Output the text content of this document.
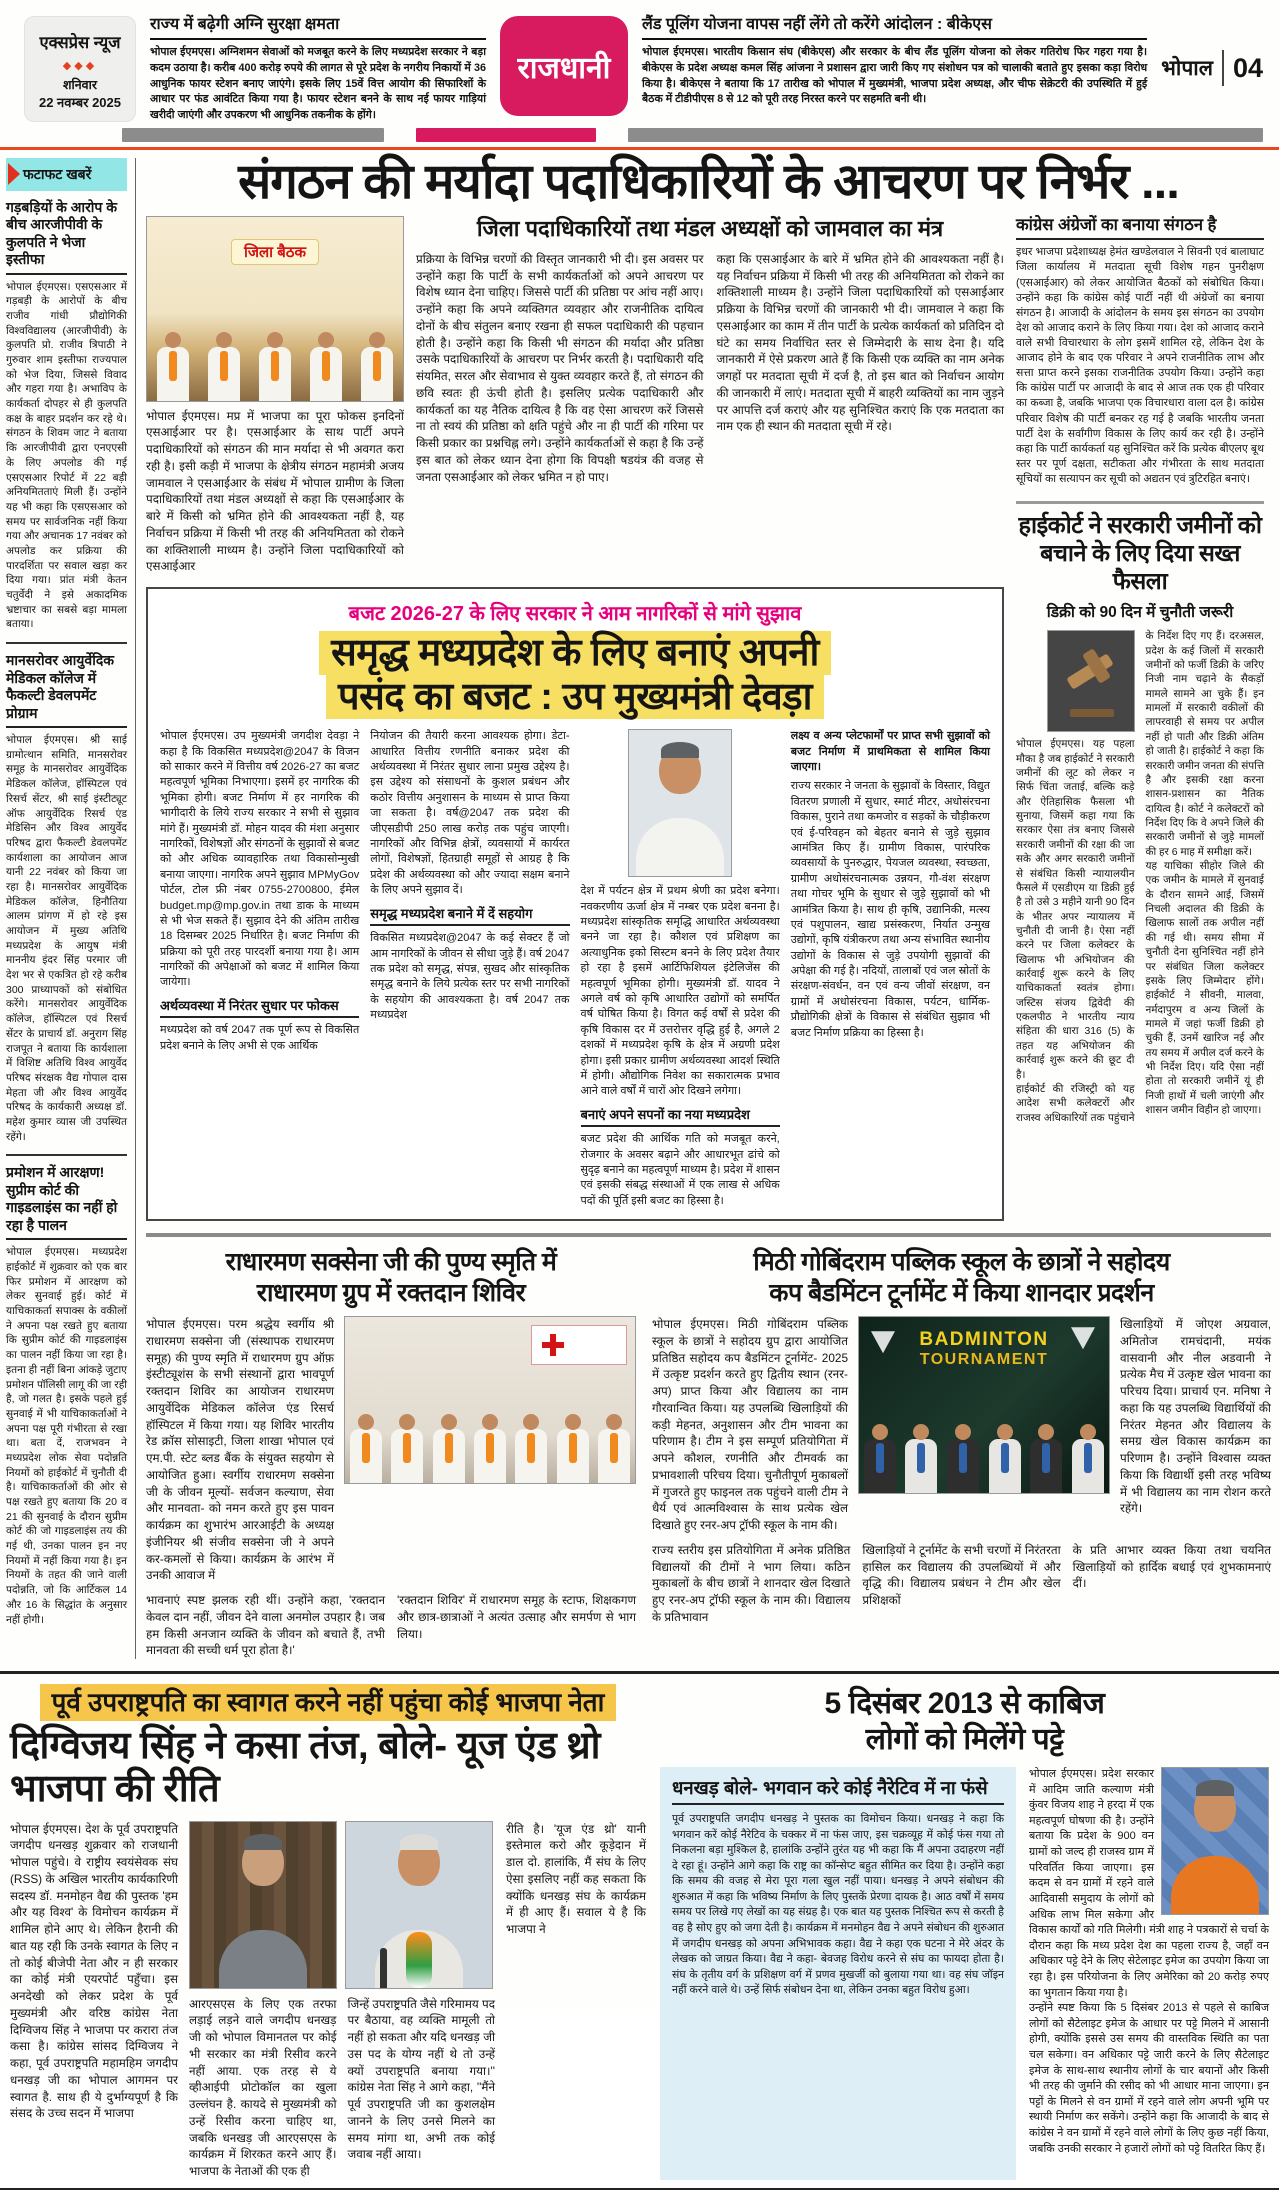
एक्सप्रेस न्यूज
◆◆◆
शनिवार
22 नवम्बर 2025
राज्य में बढ़ेगी अग्नि सुरक्षा क्षमता

भोपाल ईएमएस। अग्निशमन सेवाओं को मजबूत करने के लिए मध्यप्रदेश सरकार ने बड़ा कदम उठाया है। करीब 400 करोड़ रुपये की लागत से पूरे प्रदेश के नगरीय निकायों में 36 आधुनिक फायर स्टेशन बनाए जाएंगे। इसके लिए 15वें वित्त आयोग की सिफारिशों के आधार पर फंड आवंटित किया गया है। फायर स्टेशन बनने के साथ नई फायर गाड़ियां खरीदी जाएंगी और उपकरण भी आधुनिक तकनीक के होंगे।

राजधानी
लैंड पूलिंग योजना वापस नहीं लेंगे तो करेंगे आंदोलन : बीकेएस

भोपाल ईएमएस। भारतीय किसान संघ (बीकेएस) और सरकार के बीच लैंड पूलिंग योजना को लेकर गतिरोध फिर गहरा गया है। बीकेएस के प्रदेश अध्यक्ष कमल सिंह आंजना ने प्रशासन द्वारा जारी किए गए संशोधन पत्र को चालाकी बताते हुए इसका कड़ा विरोध किया है। बीकेएस ने बताया कि 17 तारीख को भोपाल में मुख्यमंत्री, भाजपा प्रदेश अध्यक्ष, और चीफ सेक्रेटरी की उपस्थिति में हुई बैठक में टीडीपीएस 8 से 12 को पूरी तरह निरस्त करने पर सहमति बनी थी।

भोपाल 04
फटाफट खबरें
गड़बड़ियों के आरोप के बीच आरजीपीवी के कुलपति ने भेजा इस्तीफा

भोपाल ईएमएस। एसएसआर में गड़बड़ी के आरोपों के बीच राजीव गांधी प्रौद्योगिकी विश्वविद्यालय (आरजीपीवी) के कुलपति प्रो. राजीव त्रिपाठी ने गुरुवार शाम इस्तीफा राज्यपाल को भेज दिया, जिससे विवाद और गहरा गया है। अभाविप के कार्यकर्ता दोपहर से ही कुलपति कक्ष के बाहर प्रदर्शन कर रहे थे। संगठन के शिवम जाट ने बताया कि आरजीपीवी द्वारा एनएएसी के लिए अपलोड की गई एसएसआर रिपोर्ट में 22 बड़ी अनियमितताएं मिली हैं। उन्होंने यह भी कहा कि एसएसआर को समय पर सार्वजनिक नहीं किया गया और अचानक 17 नवंबर को अपलोड कर प्रक्रिया की पारदर्शिता पर सवाल खड़ा कर दिया गया। प्रांत मंत्री केतन चतुर्वेदी ने इसे अकादमिक भ्रष्टाचार का सबसे बड़ा मामला बताया।

मानसरोवर आयुर्वेदिक मेडिकल कॉलेज में फैकल्टी डेवलपमेंट प्रोग्राम

भोपाल ईएमएस। श्री साई ग्रामोत्थान समिति, मानसरोवर समूह के मानसरोवर आयुर्वेदिक मेडिकल कॉलेज, हॉस्पिटल एवं रिसर्च सेंटर, श्री साई इंस्टीट्यूट ऑफ आयुर्वेदिक रिसर्च एंड मेडिसिन और विश्व आयुर्वेद परिषद द्वारा फैकल्टी डेवलपमेंट कार्यशाला का आयोजन आज यानी 22 नवंबर को किया जा रहा है। मानसरोवर आयुर्वेदिक मेडिकल कॉलेज, हिनौतिया आलम प्रांगण में हो रहे इस आयोजन में मुख्य अतिथि मध्यप्रदेश के आयुष मंत्री माननीय इंदर सिंह परमार जी देश भर से एकत्रित हो रहे करीब 300 प्राध्यापकों को संबोधित करेंगे। मानसरोवर आयुर्वेदिक कॉलेज, हॉस्पिटल एवं रिसर्च सेंटर के प्राचार्य डॉ. अनुराग सिंह राजपूत ने बताया कि कार्यशाला में विशिष्ट अतिथि विश्व आयुर्वेद परिषद संरक्षक वैद्य गोपाल दास मेहता जी और विश्व आयुर्वेद परिषद के कार्यकारी अध्यक्ष डॉ. महेश कुमार व्यास जी उपस्थित रहेंगे।

प्रमोशन में आरक्षण! सुप्रीम कोर्ट की गाइडलाइंस का नहीं हो रहा है पालन

भोपाल ईएमएस। मध्यप्रदेश हाईकोर्ट में शुक्रवार को एक बार फिर प्रमोशन में आरक्षण को लेकर सुनवाई हुई। कोर्ट में याचिकाकर्ता सपाक्स के वकीलों ने अपना पक्ष रखते हुए बताया कि सुप्रीम कोर्ट की गाइडलाइंस का पालन नहीं किया जा रहा है। इतना ही नहीं बिना आंकड़े जुटाए प्रमोशन पॉलिसी लागू की जा रही है, जो गलत है। इसके पहले हुई सुनवाई में भी याचिकाकर्ताओं ने अपना पक्ष पूरी गंभीरता से रखा था। बता दें, राजभवन ने मध्यप्रदेश लोक सेवा पदोन्नति नियमों को हाईकोर्ट में चुनौती दी है। याचिकाकर्ताओं की ओर से पक्ष रखते हुए बताया कि 20 व 21 की सुनवाई के दौरान सुप्रीम कोर्ट की जो गाइडलाइंस तय की गई थी, उनका पालन इन नए नियमों में नहीं किया गया है। इन नियमों के तहत की जाने वाली पदोन्नति, जो कि आर्टिकल 14 और 16 के सिद्धांत के अनुसार नहीं होगी।

संगठन की मर्यादा पदाधिकारियों के आचरण पर निर्भर ...
जिला बैठक

भोपाल ईएमएस। मप्र में भाजपा का पूरा फोकस इनदिनों एसआईआर पर है। एसआईआर के साथ पार्टी अपने पदाधिकारियों को संगठन की मान मर्यादा से भी अवगत करा रही है। इसी कड़ी में भाजपा के क्षेत्रीय संगठन महामंत्री अजय जामवाल ने एसआईआर के संबंध में भोपाल ग्रामीण के जिला पदाधिकारियों तथा मंडल अध्यक्षों से कहा कि एसआईआर के बारे में किसी को भ्रमित होने की आवश्यकता नहीं है, यह निर्वाचन प्रक्रिया में किसी भी तरह की अनियमितता को रोकने का शक्तिशाली माध्यम है। उन्होंने जिला पदाधिकारियों को एसआईआर

जिला पदाधिकारियों तथा मंडल अध्यक्षों को जामवाल का मंत्र

प्रक्रिया के विभिन्न चरणों की विस्तृत जानकारी भी दी। इस अवसर पर उन्होंने कहा कि पार्टी के सभी कार्यकर्ताओं को अपने आचरण पर विशेष ध्यान देना चाहिए। जिससे पार्टी की प्रतिष्ठा पर आंच नहीं आए। उन्होंने कहा कि अपने व्यक्तिगत व्यवहार और राजनीतिक दायित्व दोनों के बीच संतुलन बनाए रखना ही सफल पदाधिकारी की पहचान होती है। उन्होंने कहा कि किसी भी संगठन की मर्यादा और प्रतिष्ठा उसके पदाधिकारियों के आचरण पर निर्भर करती है। पदाधिकारी यदि संयमित, सरल और सेवाभाव से युक्त व्यवहार करते हैं, तो संगठन की छवि स्वतः ही ऊंची होती है। इसलिए प्रत्येक पदाधिकारी और कार्यकर्ता का यह नैतिक दायित्व है कि वह ऐसा आचरण करें जिससे ना तो स्वयं की प्रतिष्ठा को क्षति पहुंचे और ना ही पार्टी की गरिमा पर किसी प्रकार का प्रश्नचिह्न लगे। उन्होंने कार्यकर्ताओं से कहा है कि उन्हें इस बात को लेकर ध्यान देना होगा कि विपक्षी षडयंत्र की वजह से जनता एसआईआर को लेकर भ्रमित न हो पाए।

कहा कि एसआईआर के बारे में भ्रमित होने की आवश्यकता नहीं है। यह निर्वाचन प्रक्रिया में किसी भी तरह की अनियमितता को रोकने का शक्तिशाली माध्यम है। उन्होंने जिला पदाधिकारियों को एसआईआर प्रक्रिया के विभिन्न चरणों की जानकारी भी दी। जामवाल ने कहा कि एसआईआर का काम में तीन पार्टी के प्रत्येक कार्यकर्ता को प्रतिदिन दो घंटे का समय निर्वाचित स्तर से जिम्मेदारी के साथ देना है। यदि जानकारी में ऐसे प्रकरण आते हैं कि किसी एक व्यक्ति का नाम अनेक जगहों पर मतदाता सूची में दर्ज है, तो इस बात को निर्वाचन आयोग की जानकारी में लाएं। मतदाता सूची में बाहरी व्यक्तियों का नाम जुड़ने पर आपत्ति दर्ज कराएं और यह सुनिश्चित कराएं कि एक मतदाता का नाम एक ही स्थान की मतदाता सूची में रहे।

बजट 2026-27 के लिए सरकार ने आम नागरिकों से मांगे सुझाव
समृद्ध मध्यप्रदेश के लिए बनाएं अपनी
पसंद का बजट : उप मुख्यमंत्री देवड़ा

भोपाल ईएमएस। उप मुख्यमंत्री जगदीश देवड़ा ने कहा है कि विकसित मध्यप्रदेश@2047 के विजन को साकार करने में वित्तीय वर्ष 2026-27 का बजट महत्वपूर्ण भूमिका निभाएगा। इसमें हर नागरिक की भूमिका होगी। बजट निर्माण में हर नागरिक की भागीदारी के लिये राज्य सरकार ने सभी से सुझाव मांगे हैं। मुख्यमंत्री डॉ. मोहन यादव की मंशा अनुसार नागरिकों, विशेषज्ञों और संगठनों के सुझावों से बजट को और अधिक व्यावहारिक तथा विकासोन्मुखी बनाया जाएगा। नागरिक अपने सुझाव MPMyGov पोर्टल, टोल फ्री नंबर 0755-2700800, ईमेल budget.mp@mp.gov.in तथा डाक के माध्यम से भी भेज सकते हैं। सुझाव देने की अंतिम तारीख 18 दिसम्बर 2025 निर्धारित है। बजट निर्माण की प्रक्रिया को पूरी तरह पारदर्शी बनाया गया है। आम नागरिकों की अपेक्षाओं को बजट में शामिल किया जायेगा।

अर्थव्यवस्था में निरंतर सुधार पर फोकस

मध्यप्रदेश को वर्ष 2047 तक पूर्ण रूप से विकसित प्रदेश बनाने के लिए अभी से एक आर्थिक

नियोजन की तैयारी करना आवश्यक होगा। डेटा-आधारित वित्तीय रणनीति बनाकर प्रदेश की अर्थव्यवस्था में निरंतर सुधार लाना प्रमुख उद्देश्य है। इस उद्देश्य को संसाधनों के कुशल प्रबंधन और कठोर वित्तीय अनुशासन के माध्यम से प्राप्त किया जा सकता है। वर्ष@2047 तक प्रदेश की जीएसडीपी 250 लाख करोड़ तक पहुंच जाएगी। नागरिकों और विभिन्न क्षेत्रों, व्यवसायों में कार्यरत लोगों, विशेषज्ञों, हितग्राही समूहों से आग्रह है कि प्रदेश की अर्थव्यवस्था को और ज्यादा सक्षम बनाने के लिए अपने सुझाव दें।

समृद्ध मध्यप्रदेश बनाने में दें सहयोग

विकसित मध्यप्रदेश@2047 के कई सेक्टर हैं जो आम नागरिकों के जीवन से सीधा जुड़े हैं। वर्ष 2047 तक प्रदेश को समृद्ध, संपन्न, सुखद और सांस्कृतिक समृद्ध बनाने के लिये प्रत्येक स्तर पर सभी नागरिकों के सहयोग की आवश्यकता है। वर्ष 2047 तक मध्यप्रदेश

देश में पर्यटन क्षेत्र में प्रथम श्रेणी का प्रदेश बनेगा। नवकरणीय ऊर्जा क्षेत्र में नम्बर एक प्रदेश बनना है। मध्यप्रदेश सांस्कृतिक समृद्धि आधारित अर्थव्यवस्था बनने जा रहा है। कौशल एवं प्रशिक्षण का अत्याधुनिक इको सिस्टम बनने के लिए प्रदेश तैयार हो रहा है इसमें आर्टिफिशियल इंटेलिजेंस की महत्वपूर्ण भूमिका होगी। मुख्यमंत्री डॉ. यादव ने अगले वर्ष को कृषि आधारित उद्योगों को समर्पित वर्ष घोषित किया है। विगत कई वर्षों से प्रदेश की कृषि विकास दर में उत्तरोत्तर वृद्धि हुई है, अगले 2 दशकों में मध्यप्रदेश कृषि के क्षेत्र में अग्रणी प्रदेश होगा। इसी प्रकार ग्रामीण अर्थव्यवस्था आदर्श स्थिति में होगी। औद्योगिक निवेश का सकारात्मक प्रभाव आने वाले वर्षों में चारों ओर दिखने लगेगा।

बनाएं अपने सपनों का नया मध्यप्रदेश

बजट प्रदेश की आर्थिक गति को मजबूत करने, रोजगार के अवसर बढ़ाने और आधारभूत ढांचे को सुदृढ़ बनाने का महत्वपूर्ण माध्यम है। प्रदेश में शासन एवं इसकी संबद्ध संस्थाओं में एक लाख से अधिक पदों की पूर्ति इसी बजट का हिस्सा है।

लक्ष्य व अन्य प्लेटफार्मों पर प्राप्त सभी सुझावों को बजट निर्माण में प्राथमिकता से शामिल किया जाएगा।

राज्य सरकार ने जनता के सुझावों के विस्तार, विद्युत वितरण प्रणाली में सुधार, स्मार्ट मीटर, अधोसंरचना विकास, पुराने तथा कमजोर व सड़कों के चौड़ीकरण एवं ई-परिवहन को बेहतर बनाने से जुड़े सुझाव आमंत्रित किए हैं। ग्रामीण विकास, पारंपरिक व्यवसायों के पुनरुद्धार, पेयजल व्यवस्था, स्वच्छता, ग्रामीण अधोसंरचनात्मक उन्नयन, गौ-वंश संरक्षण तथा गोचर भूमि के सुधार से जुड़े सुझावों को भी आमंत्रित किया है। साथ ही कृषि, उद्यानिकी, मत्स्य एवं पशुपालन, खाद्य प्रसंस्करण, निर्यात उन्मुख उद्योगों, कृषि यंत्रीकरण तथा अन्य संभावित स्थानीय उद्योगों के विकास से जुड़े उपयोगी सुझावों की अपेक्षा की गई है। नदियों, तालाबों एवं जल स्रोतों के संरक्षण-संवर्धन, वन एवं वन्य जीवों संरक्षण, वन ग्रामों में अधोसंरचना विकास, पर्यटन, धार्मिक-प्रौद्योगिकी क्षेत्रों के विकास से संबंधित सुझाव भी बजट निर्माण प्रक्रिया का हिस्सा है।

कांग्रेस अंग्रेजों का बनाया संगठन है

इधर भाजपा प्रदेशाध्यक्ष हेमंत खण्डेलवाल ने सिवनी एवं बालाघाट जिला कार्यालय में मतदाता सूची विशेष गहन पुनरीक्षण (एसआईआर) को लेकर आयोजित बैठकों को संबोधित किया। उन्होंने कहा कि कांग्रेस कोई पार्टी नहीं थी अंग्रेजों का बनाया संगठन है। आजादी के आंदोलन के समय इस संगठन का उपयोग देश को आजाद कराने के लिए किया गया। देश को आजाद कराने वाले सभी विचारधारा के लोग इसमें शामिल रहे, लेकिन देश के आजाद होने के बाद एक परिवार ने अपने राजनीतिक लाभ और सत्ता प्राप्त करने इसका राजनीतिक उपयोग किया। उन्होंने कहा कि कांग्रेस पार्टी पर आजादी के बाद से आज तक एक ही परिवार का कब्जा है, जबकि भाजपा एक विचारधारा वाला दल है। कांग्रेस परिवार विशेष की पार्टी बनकर रह गई है जबकि भारतीय जनता पार्टी देश के सर्वांगीण विकास के लिए कार्य कर रही है। उन्होंने कहा कि पार्टी कार्यकर्ता यह सुनिश्चित करें कि प्रत्येक बीएलए बूथ स्तर पर पूर्ण दक्षता, सटीकता और गंभीरता के साथ मतदाता सूचियों का सत्यापन कर सूची को अद्यतन एवं त्रुटिरहित बनाएं।

हाईकोर्ट ने सरकारी जमीनों को
बचाने के लिए दिया सख्त फैसला
डिक्री को 90 दिन में चुनौती जरूरी

भोपाल ईएमएस। यह पहला मौका है जब हाईकोर्ट ने सरकारी जमीनों की लूट को लेकर न सिर्फ चिंता जताई, बल्कि कड़े और ऐतिहासिक फैसला भी सुनाया, जिसमें कहा गया कि सरकार ऐसा तंत्र बनाए जिससे सरकारी जमीनों की रक्षा की जा सके और अगर सरकारी जमीनों से संबंधित किसी न्यायालयीन फैसले में एसडीएम या डिक्री हुई है तो उसे 3 महीने यानी 90 दिन के भीतर अपर न्यायालय में चुनौती दी जानी है। ऐसा नहीं करने पर जिला कलेक्टर के खिलाफ भी अभियोजन की कार्रवाई शुरू करने के लिए याचिकाकर्ता स्वतंत्र होगा। जस्टिस संजय द्विवेदी की एकलपीठ ने भारतीय न्याय संहिता की धारा 316 (5) के तहत यह अभियोजन की कार्रवाई शुरू करने की छूट दी है।

हाईकोर्ट की रजिस्ट्री को यह आदेश सभी कलेक्टरों और राजस्व अधिकारियों तक पहुंचाने के निर्देश दिए गए हैं। दरअसल, प्रदेश के कई जिलों में सरकारी जमीनों को फर्जी डिक्री के जरिए निजी नाम चढ़ाने के सैकड़ों मामले सामने आ चुके हैं। इन मामलों में सरकारी वकीलों की लापरवाही से समय पर अपील नहीं हो पाती और डिक्री अंतिम हो जाती है। हाईकोर्ट ने कहा कि सरकारी जमीन जनता की संपत्ति है और इसकी रक्षा करना शासन-प्रशासन का नैतिक दायित्व है। कोर्ट ने कलेक्टरों को निर्देश दिए कि वे अपने जिले की सरकारी जमीनों से जुड़े मामलों की हर 6 माह में समीक्षा करें।

यह याचिका सीहोर जिले की एक जमीन के मामले में सुनवाई के दौरान सामने आई, जिसमें निचली अदालत की डिक्री के खिलाफ सालों तक अपील नहीं की गई थी। समय सीमा में चुनौती देना सुनिश्चित नहीं होने पर संबंधित जिला कलेक्टर इसके लिए जिम्मेदार होंगे। हाईकोर्ट ने सीवनी, मालवा, नर्मदापुरम व अन्य जिलों के मामले में जहां फर्जी डिक्री हो चुकी हैं, उनमें खारिज नई और तय समय में अपील दर्ज करने के भी निर्देश दिए। यदि ऐसा नहीं होता तो सरकारी जमीनें यूं ही निजी हाथों में चली जाएंगी और शासन जमीन विहीन हो जाएगा।

राधारमण सक्सेना जी की पुण्य स्मृति में
राधारमण ग्रुप में रक्तदान शिविर

भोपाल ईएमएस। परम श्रद्धेय स्वर्गीय श्री राधारमण सक्सेना जी (संस्थापक राधारमण समूह) की पुण्य स्मृति में राधारमण ग्रुप ऑफ़ इंस्टीट्यूशंस के सभी संस्थानों द्वारा भावपूर्ण रक्तदान शिविर का आयोजन राधारमण आयुर्वेदिक मेडिकल कॉलेज एंड रिसर्च हॉस्पिटल में किया गया। यह शिविर भारतीय रेड क्रॉस सोसाइटी, जिला शाखा भोपाल एवं एम.पी. स्टेट ब्लड बैंक के संयुक्त सहयोग से आयोजित हुआ। स्वर्गीय राधारमण सक्सेना जी के जीवन मूल्यों- सर्वजन कल्याण, सेवा और मानवता- को नमन करते हुए इस पावन कार्यक्रम का शुभारंभ आरआईटी के अध्यक्ष इंजीनियर श्री संजीव सक्सेना जी ने अपने कर-कमलों से किया। कार्यक्रम के आरंभ में उनकी आवाज में

भावनाएं स्पष्ट झलक रही थीं। उन्होंने कहा, 'रक्तदान केवल दान नहीं, जीवन देने वाला अनमोल उपहार है। जब हम किसी अनजान व्यक्ति के जीवन को बचाते हैं, तभी मानवता की सच्ची धर्म पूरा होता है।'

'रक्तदान शिविर' में राधारमण समूह के स्टाफ, शिक्षकगण और छात्र-छात्राओं ने अत्यंत उत्साह और समर्पण से भाग लिया।

मिठी गोबिंदराम पब्लिक स्कूल के छात्रों ने सहोदय
कप बैडमिंटन टूर्नामेंट में किया शानदार प्रदर्शन

भोपाल ईएमएस। मिठी गोबिंदराम पब्लिक स्कूल के छात्रों ने सहोदय ग्रुप द्वारा आयोजित प्रतिष्ठित सहोदय कप बैडमिंटन टूर्नामेंट- 2025 में उत्कृष्ट प्रदर्शन करते हुए द्वितीय स्थान (रनर-अप) प्राप्त किया और विद्यालय का नाम गौरवान्वित किया। यह उपलब्धि खिलाड़ियों की कड़ी मेहनत, अनुशासन और टीम भावना का परिणाम है। टीम ने इस सम्पूर्ण प्रतियोगिता में अपने कौशल, रणनीति और टीमवर्क का प्रभावशाली परिचय दिया। चुनौतीपूर्ण मुकाबलों में गुजरते हुए फाइनल तक पहुंचने वाली टीम ने धैर्य एवं आत्मविश्वास के साथ प्रत्येक खेल दिखाते हुए रनर-अप ट्रॉफी स्कूल के नाम की।

BADMINTON
TOURNAMENT

खिलाड़ियों में जोएश अग्रवाल, अमितोज रामचंदानी, मयंक वासवानी और नील अडवानी ने प्रत्येक मैच में उत्कृष्ट खेल भावना का परिचय दिया। प्राचार्य एन. मनिषा ने कहा कि यह उपलब्धि विद्यार्थियों की निरंतर मेहनत और विद्यालय के समग्र खेल विकास कार्यक्रम का परिणाम है। उन्होंने विश्वास व्यक्त किया कि विद्यार्थी इसी तरह भविष्य में भी विद्यालय का नाम रोशन करते रहेंगे।

राज्य स्तरीय इस प्रतियोगिता में अनेक प्रतिष्ठित विद्यालयों की टीमों ने भाग लिया। कठिन मुकाबलों के बीच छात्रों ने शानदार खेल दिखाते हुए रनर-अप ट्रॉफी स्कूल के नाम की। विद्यालय के प्रतिभावान

खिलाड़ियों ने टूर्नामेंट के सभी चरणों में निरंतरता हासिल कर विद्यालय की उपलब्धियों में और वृद्धि की। विद्यालय प्रबंधन ने टीम और खेल प्रशिक्षकों

के प्रति आभार व्यक्त किया तथा चयनित खिलाड़ियों को हार्दिक बधाई एवं शुभकामनाएं दीं।

पूर्व उपराष्ट्रपति का स्वागत करने नहीं पहुंचा कोई भाजपा नेता
दिग्विजय सिंह ने कसा तंज, बोले- यूज एंड थ्रो भाजपा की रीति

भोपाल ईएमएस। देश के पूर्व उपराष्ट्रपति जगदीप धनखड़ शुक्रवार को राजधानी भोपाल पहुंचे। वे राष्ट्रीय स्वयंसेवक संघ (RSS) के अखिल भारतीय कार्यकारिणी सदस्य डॉ. मनमोहन वैद्य की पुस्तक 'हम और यह विश्व' के विमोचन कार्यक्रम में शामिल होने आए थे। लेकिन हैरानी की बात यह रही कि उनके स्वागत के लिए न तो कोई बीजेपी नेता और न ही सरकार का कोई मंत्री एयरपोर्ट पहुँचा। इस अनदेखी को लेकर प्रदेश के पूर्व मुख्यमंत्री और वरिष्ठ कांग्रेस नेता दिग्विजय सिंह ने भाजपा पर करारा तंज कसा है। कांग्रेस सांसद दिग्विजय ने कहा, पूर्व उपराष्ट्रपति महामहिम जगदीप धनखड़ जी का भोपाल आगमन पर स्वागत है. साथ ही ये दुर्भाग्यपूर्ण है कि संसद के उच्च सदन में भाजपा

आरएसएस के लिए एक तरफा लड़ाई लड़ने वाले जगदीप धनखड़ जी को भोपाल विमानतल पर कोई भी सरकार का मंत्री रिसीव करने नहीं आया. एक तरह से ये व्हीआईपी प्रोटोकॉल का खुला उल्लंघन है. कायदे से मुख्यमंत्री को उन्हें रिसीव करना चाहिए था, जबकि धनखड़ जी आरएसएस के कार्यक्रम में शिरकत करने आए हैं। भाजपा के नेताओं की एक ही

जिन्हें उपराष्ट्रपति जैसे गरिमामय पद पर बैठाया, वह व्यक्ति मामूली तो नहीं हो सकता और यदि धनखड़ जी उस पद के योग्य नहीं थे तो उन्हें क्यों उपराष्ट्रपति बनाया गया।'' कांग्रेस नेता सिंह ने आगे कहा, ''मैंने पूर्व उपराष्ट्रपति जी का कुशलक्षेम जानने के लिए उनसे मिलने का समय मांगा था, अभी तक कोई जवाब नहीं आया।

रीति है। 'यूज एंड थ्रो' यानी इस्तेमाल करो और कूड़ेदान में डाल दो. हालांकि, मैं संघ के लिए ऐसा इसलिए नहीं कह सकता कि क्योंकि धनखड़ संघ के कार्यक्रम में ही आए हैं। सवाल ये है कि भाजपा ने

5 दिसंबर 2013 से काबिज
लोगों को मिलेंगे पट्टे
धनखड़ बोले- भगवान करे कोई नैरेटिव में ना फंसे

पूर्व उपराष्ट्रपति जगदीप धनखड़ ने पुस्तक का विमोचन किया। धनखड़ ने कहा कि भगवान करें कोई नैरेटिव के चक्कर में ना फंस जाए, इस चक्रव्यूह में कोई फंस गया तो निकलना बड़ा मुश्किल है, हालांकि उन्होंने तुरंत यह भी कहा कि मैं अपना उदाहरण नहीं दे रहा हूं। उन्होंने आगे कहा कि राष्ट्र का कॉन्सेप्ट बहुत सीमित कर दिया है। उन्होंने कहा कि समय की वजह से मेरा पूरा गला खुल नहीं पाया। धनखड़ ने अपने संबोधन की शुरुआत में कहा कि भविष्य निर्माण के लिए पुस्तकें प्रेरणा दायक है। आठ वर्षों में समय समय पर लिखे गए लेखों का यह संग्रह है। एक बात यह पुस्तक निश्चित रूप से करती है वह है सोए हुए को जगा देती है। कार्यक्रम में मनमोहन वैद्य ने अपने संबोधन की शुरुआत में जगदीप धनखड़ को अपना अभिभावक कहा। वैद्य ने कहा एक घटना ने मेरे अंदर के लेखक को जाग्रत किया। वैद्य ने कहा- बेवजह विरोध करने से संघ का फायदा होता है। संघ के तृतीय वर्ग के प्रशिक्षण वर्ग में प्रणव मुखर्जी को बुलाया गया था। वह संघ जॉइन नहीं करने वाले थे। उन्हें सिर्फ संबोधन देना था, लेकिन उनका बहुत विरोध हुआ।

भोपाल ईएमएस। प्रदेश सरकार में आदिम जाति कल्याण मंत्री कुंवर विजय शाह ने हरदा में एक महत्वपूर्ण घोषणा की है। उन्होंने बताया कि प्रदेश के 900 वन ग्रामों को जल्द ही राजस्व ग्राम में परिवर्तित किया जाएगा। इस कदम से वन ग्रामों में रहने वाले आदिवासी समुदाय के लोगों को अधिक लाभ मिल सकेगा और विकास कार्यों को गति मिलेगी। मंत्री शाह ने पत्रकारों से चर्चा के दौरान कहा कि मध्य प्रदेश देश का पहला राज्य है, जहाँ वन अधिकार पट्टे देने के लिए सेटेलाइट इमेज का उपयोग किया जा रहा है। इस परियोजना के लिए अमेरिका को 20 करोड़ रुपए का भुगतान किया गया है।

उन्होंने स्पष्ट किया कि 5 दिसंबर 2013 से पहले से काबिज लोगों को सैटेलाइट इमेज के आधार पर पट्टे मिलने में आसानी होगी, क्योंकि इससे उस समय की वास्तविक स्थिति का पता चल सकेगा। वन अधिकार पट्टे जारी करने के लिए सैटेलाइट इमेज के साथ-साथ स्थानीय लोगों के चार बयानों और किसी भी तरह की जुर्माने की रसीद को भी आधार माना जाएगा। इन पट्टों के मिलने से वन ग्रामों में रहने वाले लोग अपनी भूमि पर स्थायी निर्माण कर सकेंगे। उन्होंने कहा कि आजादी के बाद से कांग्रेस ने वन ग्रामों में रहने वाले लोगों के लिए कुछ नहीं किया, जबकि उनकी सरकार ने हजारों लोगों को पट्टे वितरित किए हैं।
